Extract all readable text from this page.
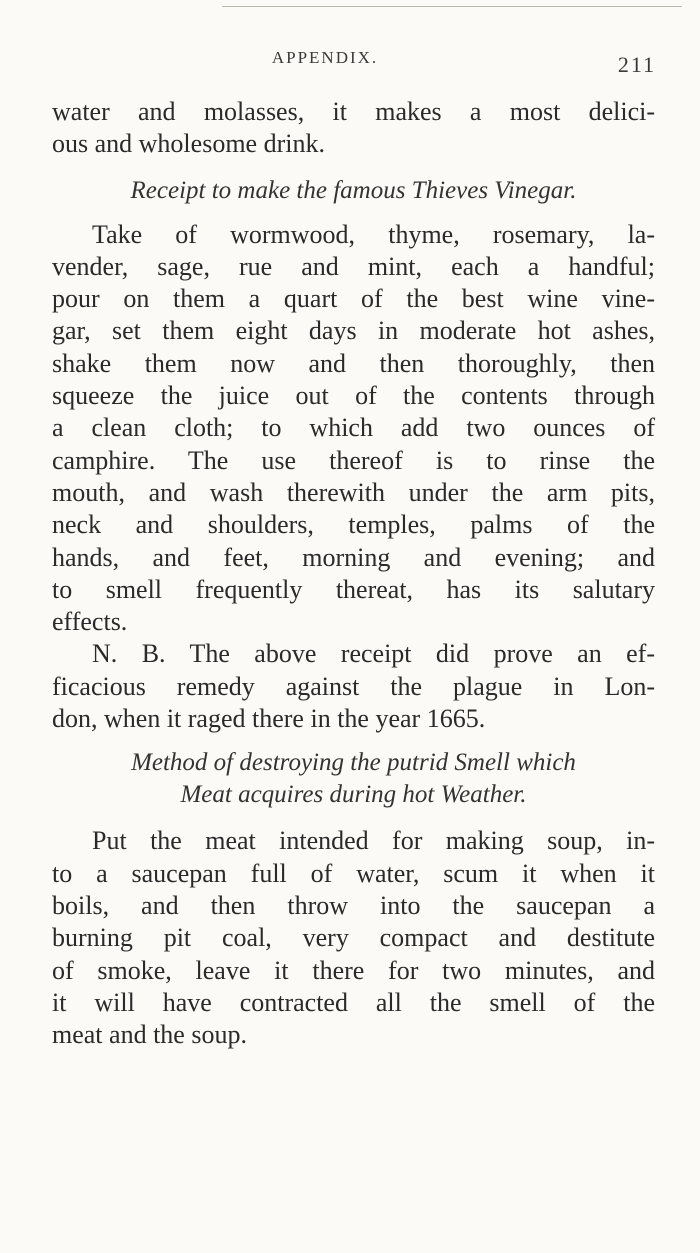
APPENDIX.	211
water and molasses, it makes a most delici-
ous and wholesome drink.
Receipt to make the famous Thieves Vinegar.
Take of wormwood, thyme, rosemary, la-
vender, sage, rue and mint, each a handful;
pour on them a quart of the best wine vine-
gar, set them eight days in moderate hot ashes,
shake them now and then thoroughly, then
squeeze the juice out of the contents through
a clean cloth; to which add two ounces of
camphire. The use thereof is to rinse the
mouth, and wash therewith under the arm pits,
neck and shoulders, temples, palms of the
hands, and feet, morning and evening; and
to smell frequently thereat, has its salutary
effects.
N. B. The above receipt did prove an ef-
ficacious remedy against the plague in Lon-
don, when it raged there in the year 1665.
Method of destroying the putrid Smell which
Meat acquires during hot Weather.
Put the meat intended for making soup, in-
to a saucepan full of water, scum it when it
boils, and then throw into the saucepan a
burning pit coal, very compact and destitute
of smoke, leave it there for two minutes, and
it will have contracted all the smell of the
meat and the soup.
